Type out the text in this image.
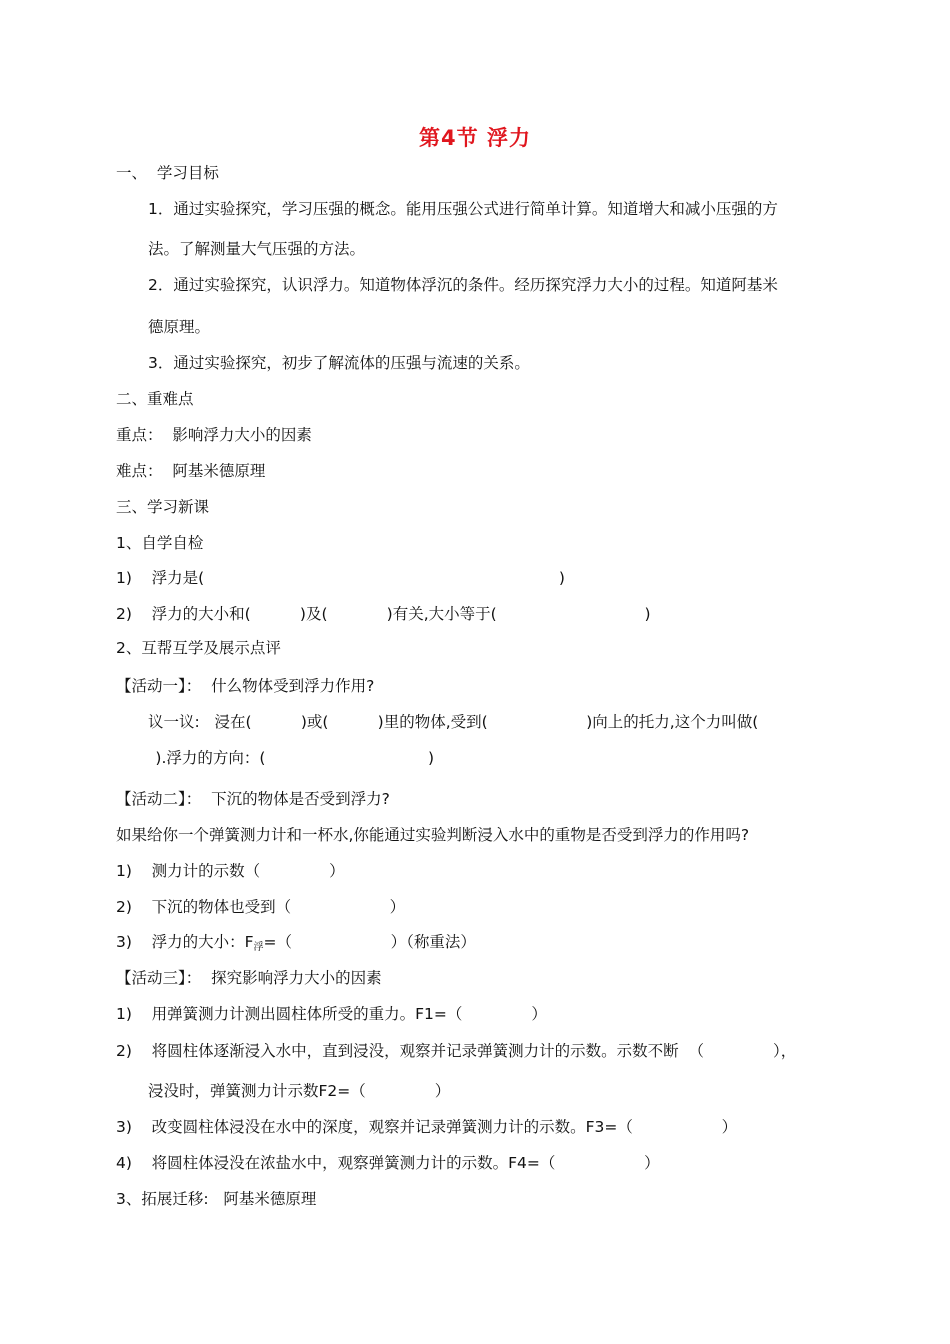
第4节 浮力
一、  学习目标
1．通过实验探究，学习压强的概念。能用压强公式进行简单计算。知道增大和减小压强的方
法。了解测量大气压强的方法。
2．通过实验探究，认识浮力。知道物体浮沉的条件。经历探究浮力大小的过程。知道阿基米
德原理。
3．通过实验探究，初步了解流体的压强与流速的关系。
二、重难点
重点：  影响浮力大小的因素
难点：  阿基米德原理
三、学习新课
1、自学自检
1)    浮力是(                                                                        )
2)    浮力的大小和(          )及(            )有关,大小等于(                              )
2、互帮互学及展示点评
【活动一】：  什么物体受到浮力作用?
议一议:   浸在(          )或(          )里的物体,受到(                    )向上的托力,这个力叫做(
).浮力的方向：(                                 )
【活动二】：  下沉的物体是否受到浮力?
如果给你一个弹簧测力计和一杯水,你能通过实验判断浸入水中的重物是否受到浮力的作用吗?
1)    测力计的示数（              ）
2)    下沉的物体也受到（                    ）
3)    浮力的大小：F浮=（                    ）（称重法）
【活动三】：  探究影响浮力大小的因素
1)    用弹簧测力计测出圆柱体所受的重力。F1=（              ）
2)    将圆柱体逐渐浸入水中，直到浸没，观察并记录弹簧测力计的示数。示数不断  （              ），
浸没时，弹簧测力计示数F2=（              ）
3)    改变圆柱体浸没在水中的深度，观察并记录弹簧测力计的示数。F3=（                  ）
4)    将圆柱体浸没在浓盐水中，观察弹簧测力计的示数。F4=（                  ）
3、拓展迁移:   阿基米德原理
